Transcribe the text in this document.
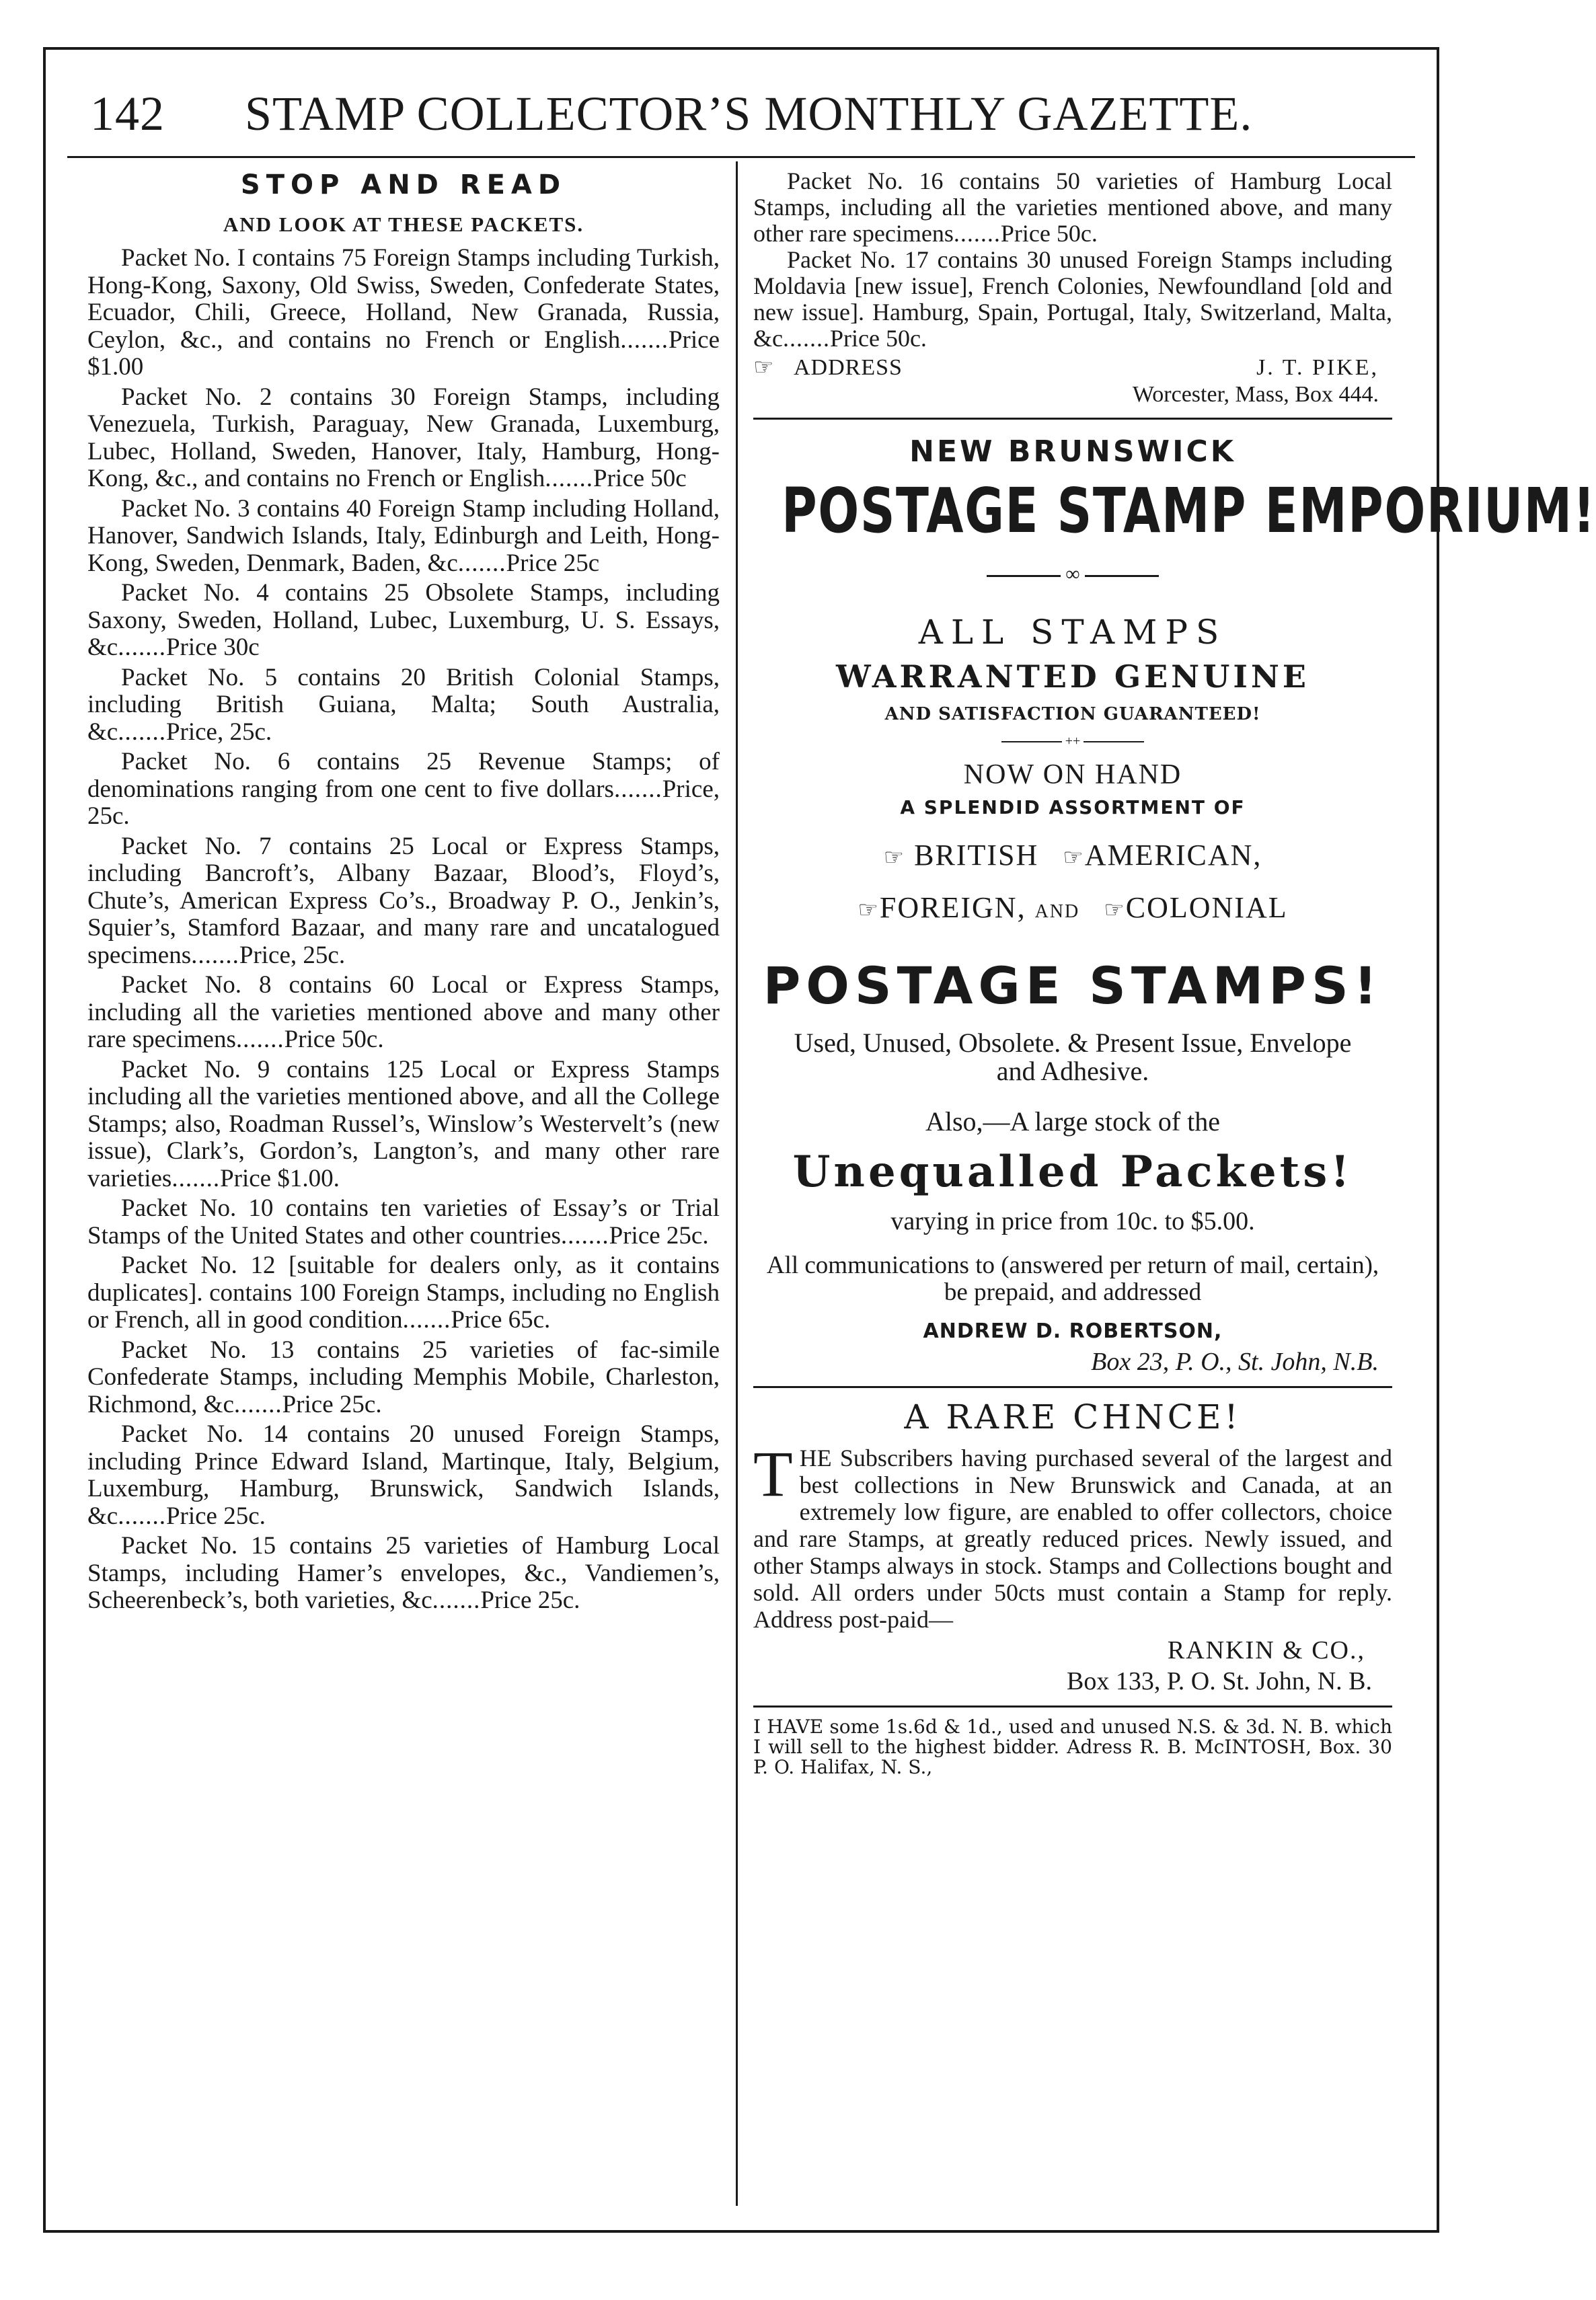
142 STAMP COLLECTOR’S MONTHLY GAZETTE.

STOP AND READ

AND LOOK AT THESE PACKETS.

Packet No. I contains 75 Foreign Stamps including Turkish, Hong-Kong, Saxony, Old Swiss, Sweden, Confederate States, Ecuador, Chili, Greece, Holland, New Granada, Russia, Ceylon, &c., and contains no French or English.......Price $1.00

Packet No. 2 contains 30 Foreign Stamps, including Venezuela, Turkish, Paraguay, New Granada, Luxemburg, Lubec, Holland, Sweden, Hanover, Italy, Hamburg, Hong-Kong, &c., and contains no French or English.......Price 50c

Packet No. 3 contains 40 Foreign Stamp including Holland, Hanover, Sandwich Islands, Italy, Edinburgh and Leith, Hong-Kong, Sweden, Denmark, Baden, &c.......Price 25c

Packet No. 4 contains 25 Obsolete Stamps, including Saxony, Sweden, Holland, Lubec, Luxemburg, U. S. Essays, &c.......Price 30c

Packet No. 5 contains 20 British Colonial Stamps, including British Guiana, Malta; South Australia, &c.......Price, 25c.

Packet No. 6 contains 25 Revenue Stamps; of denominations ranging from one cent to five dollars.......Price, 25c.

Packet No. 7 contains 25 Local or Express Stamps, including Bancroft’s, Albany Bazaar, Blood’s, Floyd’s, Chute’s, American Express Co’s., Broadway P. O., Jenkin’s, Squier’s, Stamford Bazaar, and many rare and uncatalogued specimens.......Price, 25c.

Packet No. 8 contains 60 Local or Express Stamps, including all the varieties mentioned above and many other rare specimens.......Price 50c.

Packet No. 9 contains 125 Local or Express Stamps including all the varieties mentioned above, and all the College Stamps; also, Roadman Russel’s, Winslow’s Westervelt’s (new issue), Clark’s, Gordon’s, Langton’s, and many other rare varieties.......Price $1.00.

Packet No. 10 contains ten varieties of Essay’s or Trial Stamps of the United States and other countries.......Price 25c.

Packet No. 12 [suitable for dealers only, as it contains duplicates]. contains 100 Foreign Stamps, including no English or French, all in good condition.......Price 65c.

Packet No. 13 contains 25 varieties of fac-simile Confederate Stamps, including Memphis Mobile, Charleston, Richmond, &c.......Price 25c.

Packet No. 14 contains 20 unused Foreign Stamps, including Prince Edward Island, Martinque, Italy, Belgium, Luxemburg, Hamburg, Brunswick, Sandwich Islands, &c.......Price 25c.

Packet No. 15 contains 25 varieties of Hamburg Local Stamps, including Hamer’s envelopes, &c., Vandiemen’s, Scheerenbeck’s, both varieties, &c.......Price 25c.

Packet No. 16 contains 50 varieties of Hamburg Local Stamps, including all the varieties mentioned above, and many other rare specimens.......Price 50c.

Packet No. 17 contains 30 unused Foreign Stamps including Moldavia [new issue], French Colonies, Newfoundland [old and new issue]. Hamburg, Spain, Portugal, Italy, Switzerland, Malta, &c.......Price 50c.

☞ ADDRESS	J. T. PIKE,
Worcester, Mass, Box 444.
NEW BRUNSWICK
POSTAGE STAMP EMPORIUM!
∞
ALL STAMPS
WARRANTED GENUINE
AND SATISFACTION GUARANTEED!
++
NOW ON HAND
A SPLENDID ASSORTMENT OF
☞ BRITISH ☞AMERICAN,
☞FOREIGN, AND ☞COLONIAL
POSTAGE STAMPS!
Used, Unused, Obsolete. & Present Issue, Envelope and Adhesive.
Also,—A large stock of the
Unequalled Packets!
varying in price from 10c. to $5.00.
All communications to (answered per return of mail, certain), be prepaid, and addressed
ANDREW D. ROBERTSON,
Box 23, P. O., St. John, N.B.
A RARE CHNCE!

THE Subscribers having purchased several of the largest and best collections in New Brunswick and Canada, at an extremely low figure, are enabled to offer collectors, choice and rare Stamps, at greatly reduced prices. Newly issued, and other Stamps always in stock. Stamps and Collections bought and sold. All orders under 50cts must contain a Stamp for reply. Address post-paid—

RANKIN & CO.,
Box 133, P. O. St. John, N. B.

I HAVE some 1s.6d & 1d., used and unused N.S. & 3d. N. B. which I will sell to the highest bidder. Adress R. B. McINTOSH, Box. 30 P. O. Halifax, N. S.,
